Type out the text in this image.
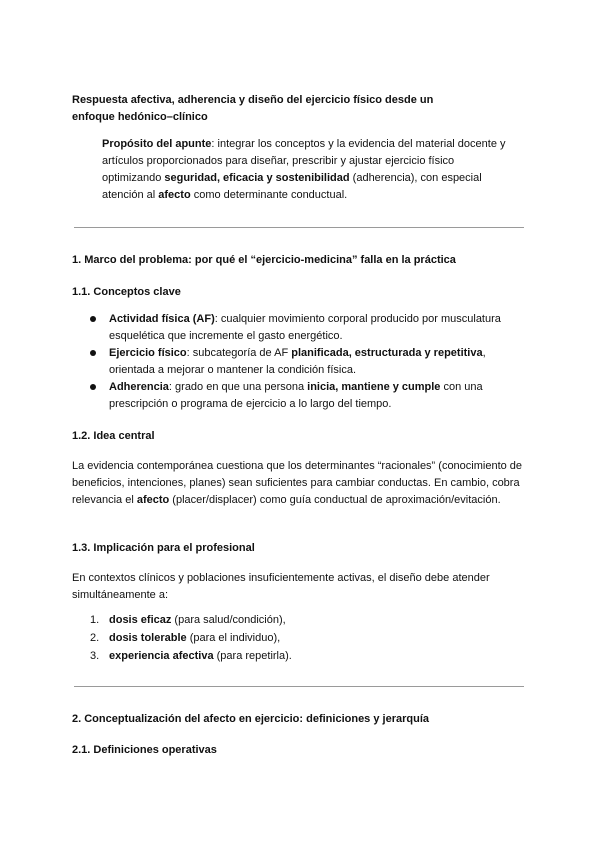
Respuesta afectiva, adherencia y diseño del ejercicio físico desde un enfoque hedónico–clínico
Propósito del apunte: integrar los conceptos y la evidencia del material docente y artículos proporcionados para diseñar, prescribir y ajustar ejercicio físico optimizando seguridad, eficacia y sostenibilidad (adherencia), con especial atención al afecto como determinante conductual.
1. Marco del problema: por qué el “ejercicio-medicina” falla en la práctica
1.1. Conceptos clave
Actividad física (AF): cualquier movimiento corporal producido por musculatura esquelética que incremente el gasto energético.
Ejercicio físico: subcategoría de AF planificada, estructurada y repetitiva, orientada a mejorar o mantener la condición física.
Adherencia: grado en que una persona inicia, mantiene y cumple con una prescripción o programa de ejercicio a lo largo del tiempo.
1.2. Idea central

La evidencia contemporánea cuestiona que los determinantes “racionales” (conocimiento de beneficios, intenciones, planes) sean suficientes para cambiar conductas. En cambio, cobra relevancia el afecto (placer/displacer) como guía conductual de aproximación/evitación.

1.3. Implicación para el profesional

En contextos clínicos y poblaciones insuficientemente activas, el diseño debe atender simultáneamente a:

1. dosis eficaz (para salud/condición),
2. dosis tolerable (para el individuo),
3. experiencia afectiva (para repetirla).
2. Conceptualización del afecto en ejercicio: definiciones y jerarquía
2.1. Definiciones operativas
